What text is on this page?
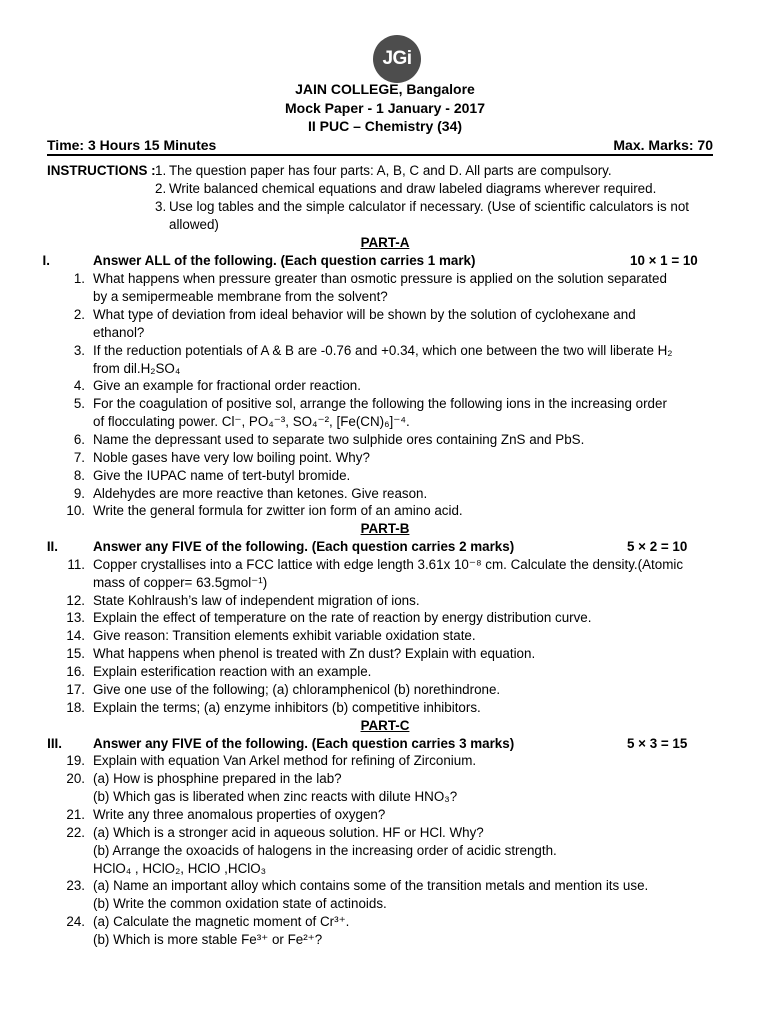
JGi
JAIN COLLEGE, Bangalore
Mock Paper - 1 January - 2017
II PUC – Chemistry (34)
Time: 3 Hours 15 Minutes	Max. Marks: 70
INSTRUCTIONS : 1. The question paper has four parts: A, B, C and D. All parts are compulsory.
2. Write balanced chemical equations and draw labeled diagrams wherever required.
3. Use log tables and the simple calculator if necessary. (Use of scientific calculators is not
allowed)
PART-A
I.	Answer ALL of the following. (Each question carries 1 mark)	10 × 1 = 10
1. What happens when pressure greater than osmotic pressure is applied on the solution separated
by a semipermeable membrane from the solvent?
2. What type of deviation from ideal behavior will be shown by the solution of cyclohexane and
ethanol?
3. If the reduction potentials of A & B are -0.76 and +0.34, which one between the two will liberate H₂
from dil.H₂SO₄
4. Give an example for fractional order reaction.
5. For the coagulation of positive sol, arrange the following the following ions in the increasing order
of flocculating power. Cl⁻, PO₄⁻³, SO₄⁻², [Fe(CN)₆]⁻⁴.
6. Name the depressant used to separate two sulphide ores containing ZnS and PbS.
7. Noble gases have very low boiling point. Why?
8. Give the IUPAC name of tert-butyl bromide.
9. Aldehydes are more reactive than ketones. Give reason.
10. Write the general formula for zwitter ion form of an amino acid.
PART-B
II.	Answer any FIVE of the following. (Each question carries 2 marks)	5 × 2 = 10
11. Copper crystallises into a FCC lattice with edge length 3.61x 10⁻⁸ cm. Calculate the density.(Atomic
mass of copper= 63.5gmol⁻¹)
12. State Kohlraush’s law of independent migration of ions.
13. Explain the effect of temperature on the rate of reaction by energy distribution curve.
14. Give reason: Transition elements exhibit variable oxidation state.
15. What happens when phenol is treated with Zn dust? Explain with equation.
16. Explain esterification reaction with an example.
17. Give one use of the following; (a) chloramphenicol (b) norethindrone.
18. Explain the terms; (a) enzyme inhibitors (b) competitive inhibitors.
PART-C
III. Answer any FIVE of the following. (Each question carries 3 marks)	5 × 3 = 15
19. Explain with equation Van Arkel method for refining of Zirconium.
20. (a) How is phosphine prepared in the lab?
(b) Which gas is liberated when zinc reacts with dilute HNO₃?
21. Write any three anomalous properties of oxygen?
22. (a) Which is a stronger acid in aqueous solution. HF or HCl. Why?
(b) Arrange the oxoacids of halogens in the increasing order of acidic strength.
HClO₄ , HClO₂, HClO ,HClO₃
23. (a) Name an important alloy which contains some of the transition metals and mention its use.
(b) Write the common oxidation state of actinoids.
24. (a) Calculate the magnetic moment of Cr³⁺.
(b) Which is more stable Fe³⁺ or Fe²⁺?
